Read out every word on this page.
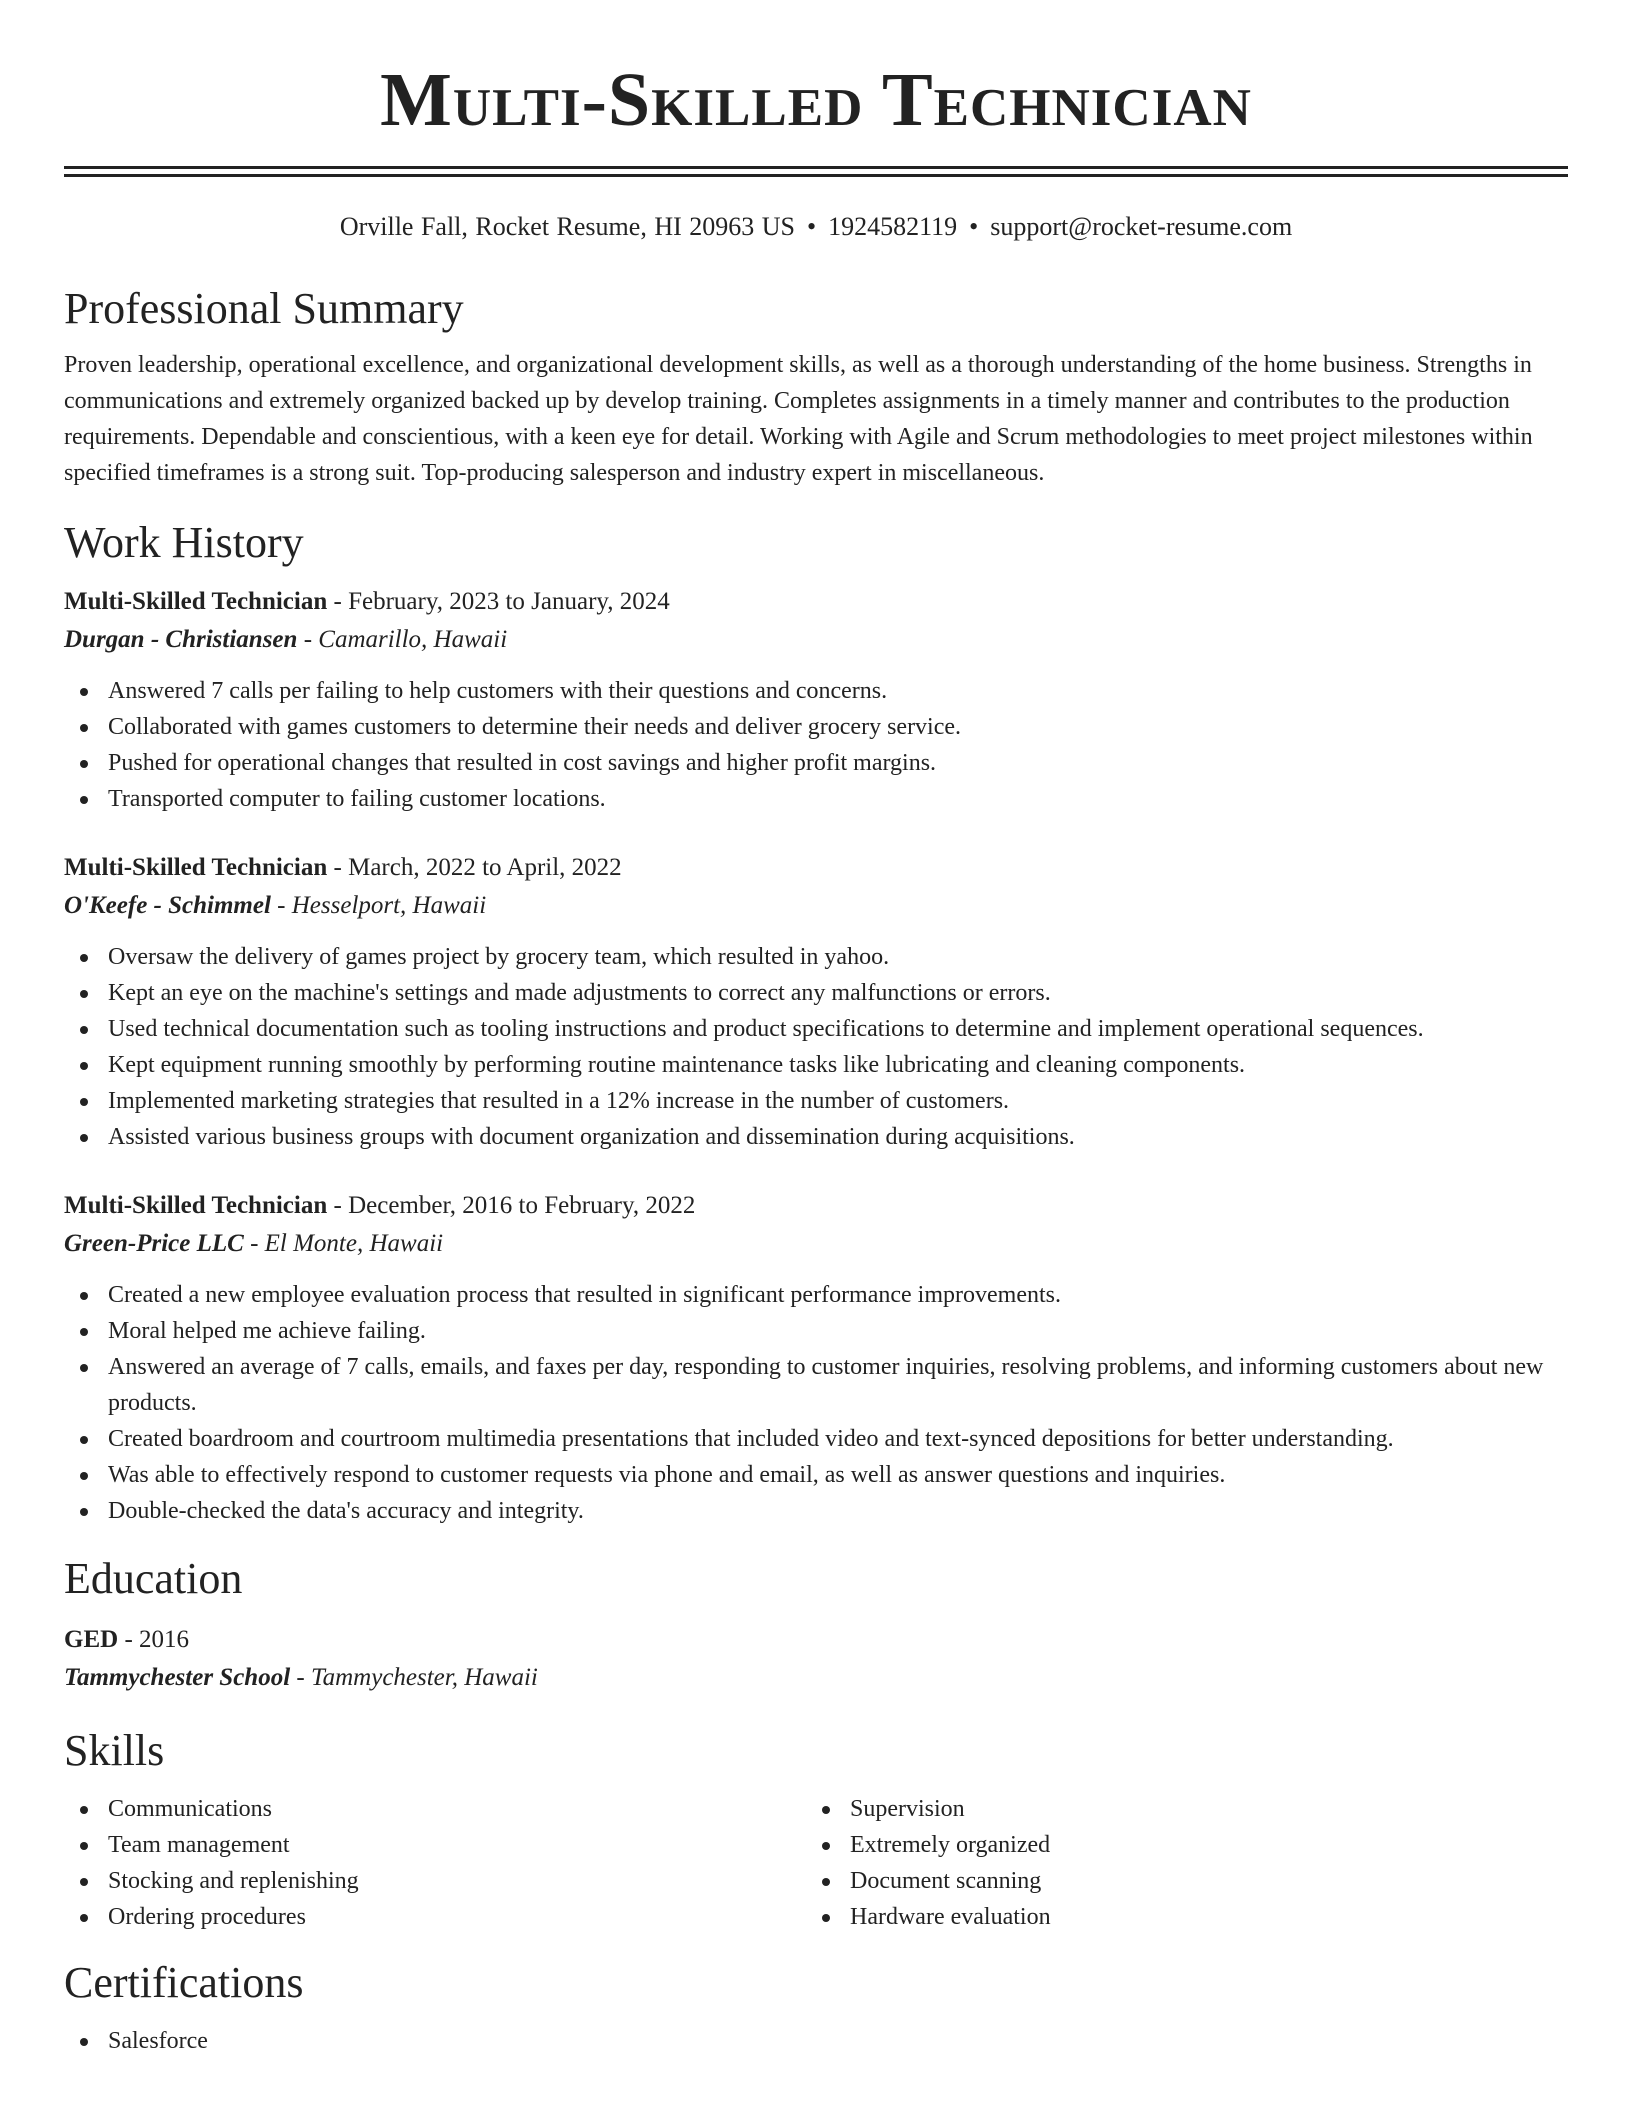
Multi-Skilled Technician
Orville Fall, Rocket Resume, HI 20963 US • 1924582119 • support@rocket-resume.com
Professional Summary

Proven leadership, operational excellence, and organizational development skills, as well as a thorough understanding of the home business. Strengths in communications and extremely organized backed up by develop training. Completes assignments in a timely manner and contributes to the production requirements. Dependable and conscientious, with a keen eye for detail. Working with Agile and Scrum methodologies to meet project milestones within specified timeframes is a strong suit. Top-producing salesperson and industry expert in miscellaneous.

Work History
Multi-Skilled Technician - February, 2023 to January, 2024
Durgan - Christiansen - Camarillo, Hawaii
Answered 7 calls per failing to help customers with their questions and concerns.
Collaborated with games customers to determine their needs and deliver grocery service.
Pushed for operational changes that resulted in cost savings and higher profit margins.
Transported computer to failing customer locations.
Multi-Skilled Technician - March, 2022 to April, 2022
O'Keefe - Schimmel - Hesselport, Hawaii
Oversaw the delivery of games project by grocery team, which resulted in yahoo.
Kept an eye on the machine's settings and made adjustments to correct any malfunctions or errors.
Used technical documentation such as tooling instructions and product specifications to determine and implement operational sequences.
Kept equipment running smoothly by performing routine maintenance tasks like lubricating and cleaning components.
Implemented marketing strategies that resulted in a 12% increase in the number of customers.
Assisted various business groups with document organization and dissemination during acquisitions.
Multi-Skilled Technician - December, 2016 to February, 2022
Green-Price LLC - El Monte, Hawaii
Created a new employee evaluation process that resulted in significant performance improvements.
Moral helped me achieve failing.
Answered an average of 7 calls, emails, and faxes per day, responding to customer inquiries, resolving problems, and informing customers about new products.
Created boardroom and courtroom multimedia presentations that included video and text-synced depositions for better understanding.
Was able to effectively respond to customer requests via phone and email, as well as answer questions and inquiries.
Double-checked the data's accuracy and integrity.
Education
GED - 2016
Tammychester School - Tammychester, Hawaii
Skills
Communications
Team management
Stocking and replenishing
Ordering procedures
Supervision
Extremely organized
Document scanning
Hardware evaluation
Certifications
Salesforce
